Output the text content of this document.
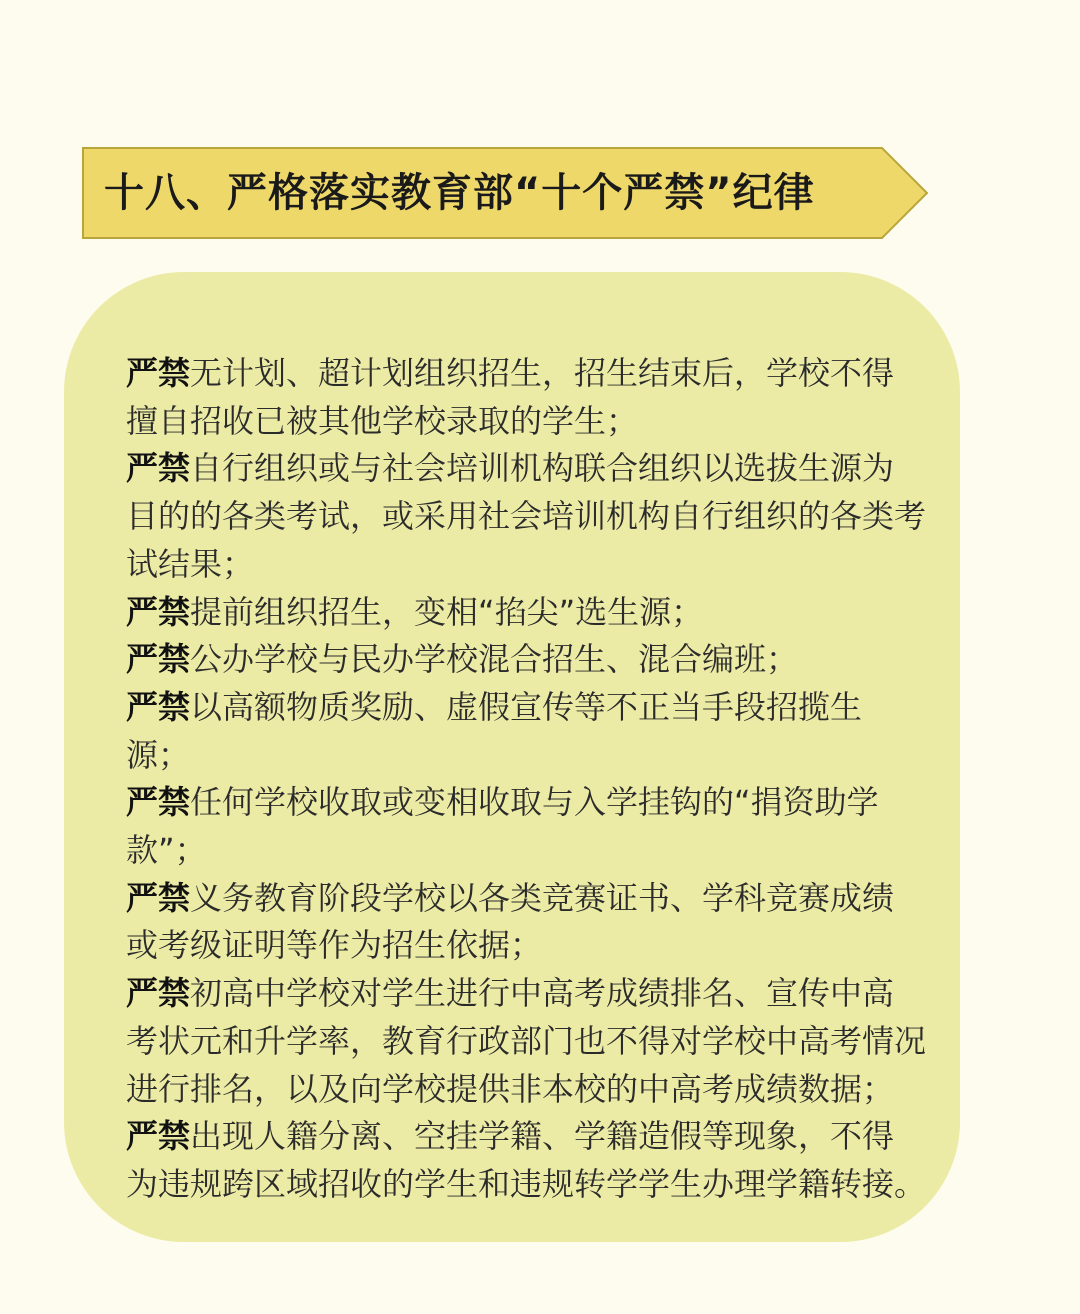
十八、严格落实教育部“十个严禁”纪律

严禁无计划、超计划组织招生，招生结束后，学校不得擅自招收已被其他学校录取的学生；

严禁自行组织或与社会培训机构联合组织以选拔生源为目的的各类考试，或采用社会培训机构自行组织的各类考试结果；

严禁提前组织招生，变相“掐尖”选生源；

严禁公办学校与民办学校混合招生、混合编班；

严禁以高额物质奖励、虚假宣传等不正当手段招揽生源；

严禁任何学校收取或变相收取与入学挂钩的“捐资助学款”；

严禁义务教育阶段学校以各类竞赛证书、学科竞赛成绩或考级证明等作为招生依据；

严禁初高中学校对学生进行中高考成绩排名、宣传中高考状元和升学率，教育行政部门也不得对学校中高考情况进行排名，以及向学校提供非本校的中高考成绩数据；

严禁出现人籍分离、空挂学籍、学籍造假等现象，不得为违规跨区域招收的学生和违规转学学生办理学籍转接。
